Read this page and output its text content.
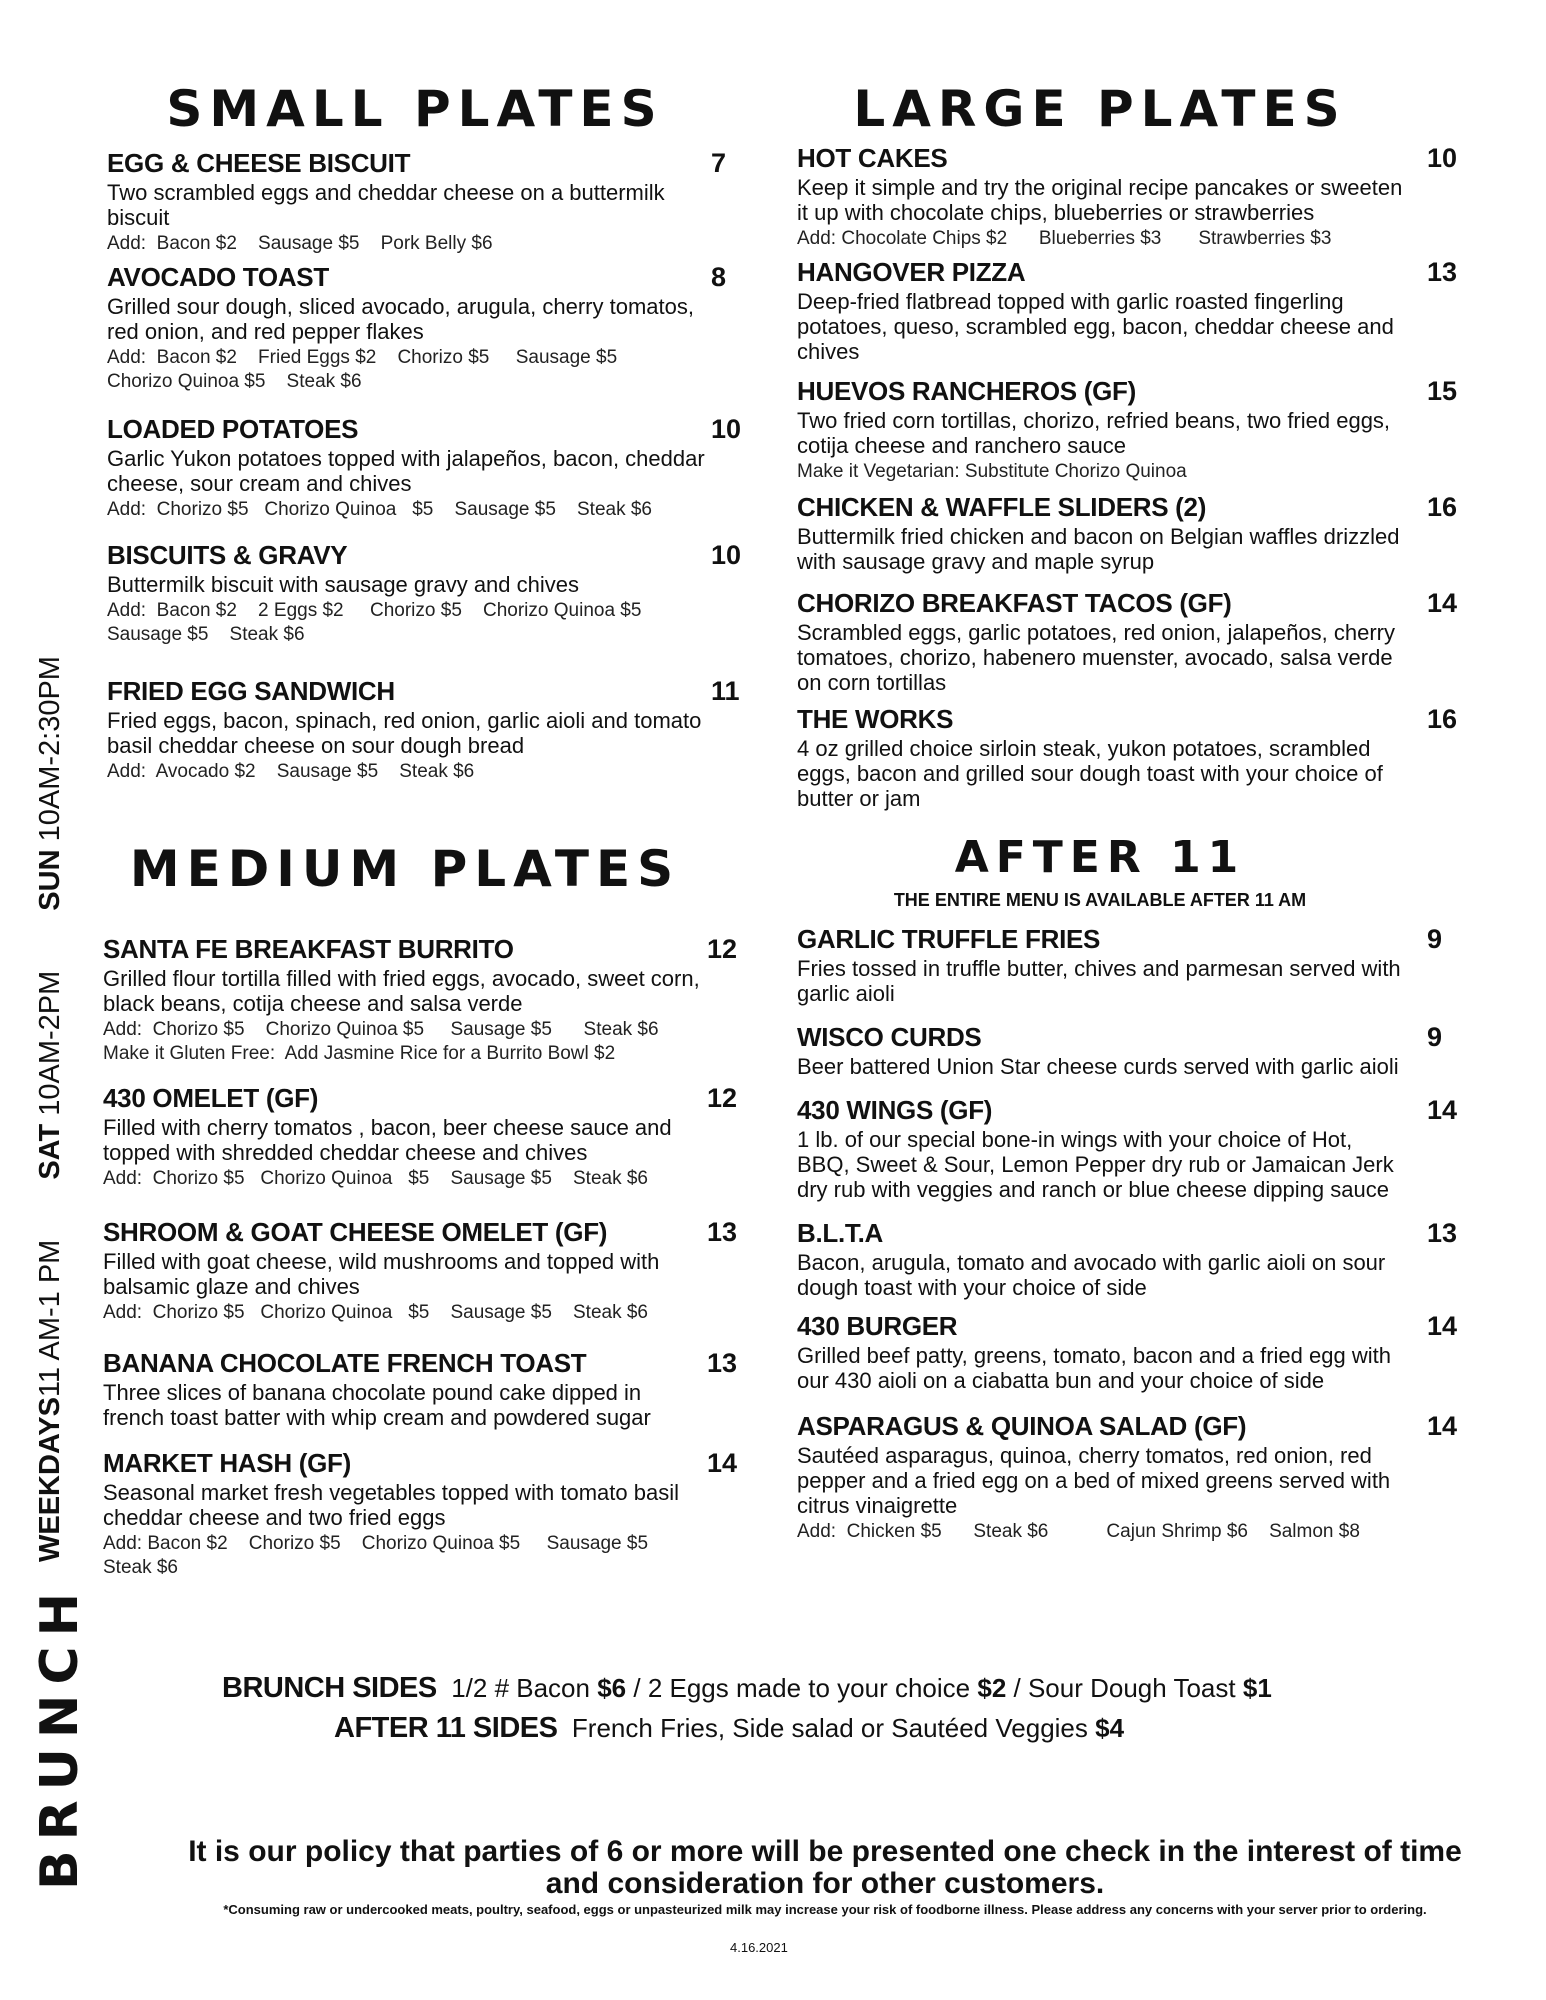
SMALL PLATES	LARGE PLATES
MEDIUM PLATES	AFTER 11
THE ENTIRE MENU IS AVAILABLE AFTER 11 AM
EGG & CHEESE BISCUIT	7
Two scrambled eggs and cheddar cheese on a buttermilk biscuit
Add:  Bacon $2    Sausage $5    Pork Belly $6
AVOCADO TOAST	8
Grilled sour dough, sliced avocado, arugula, cherry tomatos, red onion, and red pepper flakes
Add:  Bacon $2    Fried Eggs $2    Chorizo $5     Sausage $5
Chorizo Quinoa $5    Steak $6
LOADED POTATOES	10
Garlic Yukon potatoes topped with jalapeños, bacon, cheddar cheese, sour cream and chives
Add:  Chorizo $5   Chorizo Quinoa   $5    Sausage $5    Steak $6
BISCUITS & GRAVY	10
Buttermilk biscuit with sausage gravy and chives
Add:  Bacon $2    2 Eggs $2     Chorizo $5    Chorizo Quinoa $5
Sausage $5    Steak $6
FRIED EGG SANDWICH	11
Fried eggs, bacon, spinach, red onion, garlic aioli and tomato basil cheddar cheese on sour dough bread
Add:  Avocado $2    Sausage $5    Steak $6
SANTA FE BREAKFAST BURRITO	12
Grilled flour tortilla filled with fried eggs, avocado, sweet corn, black beans, cotija cheese and salsa verde
Add:  Chorizo $5    Chorizo Quinoa $5     Sausage $5      Steak $6
Make it Gluten Free:  Add Jasmine Rice for a Burrito Bowl $2
430 OMELET (GF)	12
Filled with cherry tomatos , bacon, beer cheese sauce and topped with shredded cheddar cheese and chives
Add:  Chorizo $5   Chorizo Quinoa   $5    Sausage $5    Steak $6
SHROOM & GOAT CHEESE OMELET (GF)	13
Filled with goat cheese, wild mushrooms and topped with balsamic glaze and chives
Add:  Chorizo $5   Chorizo Quinoa   $5    Sausage $5    Steak $6
BANANA CHOCOLATE FRENCH TOAST	13
Three slices of banana chocolate pound cake dipped in french toast batter with whip cream and powdered sugar
MARKET HASH (GF)	14
Seasonal market fresh vegetables topped with tomato basil cheddar cheese and two fried eggs
Add: Bacon $2    Chorizo $5    Chorizo Quinoa $5     Sausage $5
Steak $6
HOT CAKES	10
Keep it simple and try the original recipe pancakes or sweeten it up with chocolate chips, blueberries or strawberries
Add: Chocolate Chips $2      Blueberries $3       Strawberries $3
HANGOVER PIZZA	13
Deep-fried flatbread topped with garlic roasted fingerling potatoes, queso, scrambled egg, bacon, cheddar cheese and chives
HUEVOS RANCHEROS (GF)	15
Two fried corn tortillas, chorizo, refried beans, two fried eggs, cotija cheese and ranchero sauce
Make it Vegetarian: Substitute Chorizo Quinoa
CHICKEN & WAFFLE SLIDERS (2)	16
Buttermilk fried chicken and bacon on Belgian waffles drizzled with sausage gravy and maple syrup
CHORIZO BREAKFAST TACOS (GF)	14
Scrambled eggs, garlic potatoes, red onion, jalapeños, cherry tomatoes, chorizo, habenero muenster, avocado, salsa verde on corn tortillas
THE WORKS	16
4 oz grilled choice sirloin steak, yukon potatoes, scrambled eggs, bacon and grilled sour dough toast with your choice of butter or jam
GARLIC TRUFFLE FRIES	9
Fries tossed in truffle butter, chives and parmesan served with garlic aioli
WISCO CURDS	9
Beer battered Union Star cheese curds served with garlic aioli
430 WINGS (GF)	14
1 lb. of our special bone-in wings with your choice of Hot, BBQ, Sweet & Sour, Lemon Pepper dry rub or Jamaican Jerk dry rub with veggies and ranch or blue cheese dipping sauce
B.L.T.A	13
Bacon, arugula, tomato and avocado with garlic aioli on sour dough toast with your choice of side
430 BURGER	14
Grilled beef patty, greens, tomato, bacon and a fried egg with our 430 aioli on a ciabatta bun and your choice of side
ASPARAGUS & QUINOA SALAD (GF)	14
Sautéed asparagus, quinoa, cherry tomatos, red onion, red pepper and a fried egg on a bed of mixed greens served with citrus vinaigrette
Add:  Chicken $5      Steak $6           Cajun Shrimp $6    Salmon $8
BRUNCH
WEEKDAYS11 AM-1 PMSAT 10AM-2PMSUN 10AM-2:30PM
BRUNCH SIDES 1/2 # Bacon $6 / 2 Eggs made to your choice $2 / Sour Dough Toast $1
AFTER 11 SIDES French Fries, Side salad or Sautéed Veggies $4
It is our policy that parties of 6 or more will be presented one check in the interest of time and consideration for other customers.
*Consuming raw or undercooked meats, poultry, seafood, eggs or unpasteurized milk may increase your risk of foodborne illness. Please address any concerns with your server prior to ordering.
4.16.2021
